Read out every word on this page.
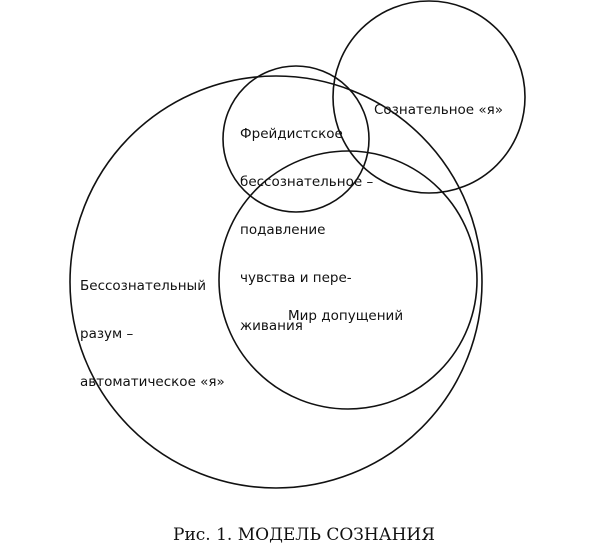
Сознательное «я»

Фрейдистское

бессознательное –

подавление

чувства и пере-

живания

Бессознательный

разум –

автоматическое «я»

Мир допущений

Рис. 1. МОДЕЛЬ СОЗНАНИЯ
